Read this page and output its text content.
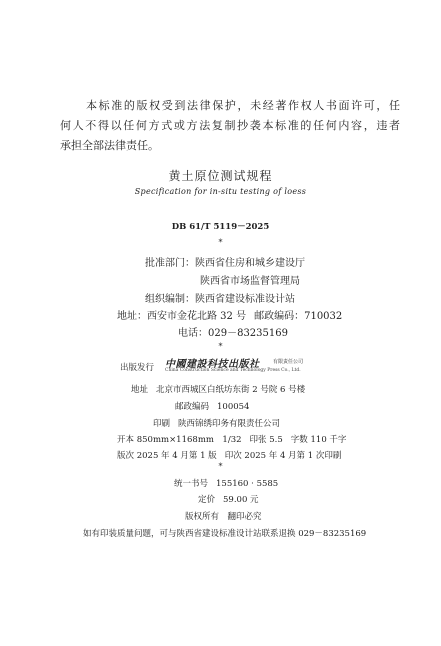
本标准的版权受到法律保护，未经著作权人书面许可，任
何人不得以任何方式或方法复制抄袭本标准的任何内容，违者
承担全部法律责任。
黄土原位测试规程
Specification for in-situ testing of loess
DB 61/T 5119－2025
*
批准部门：陕西省住房和城乡建设厅
陕西省市场监督管理局
组织编制：陕西省建设标准设计站
地址：西安市金花北路 32 号 邮政编码：710032
电话：029－83235169
*
出版发行 中國建設科技出版社	有限责任公司
China Construction Science and Technology Press Co., Ltd.
地址 北京市西城区白纸坊东街 2 号院 6 号楼
邮政编码 100054
印刷 陕西锦绣印务有限责任公司
开本 850mm×1168mm　1/32 印张 5.5 字数 110 千字
版次 2025 年 4 月第 1 版 印次 2025 年 4 月第 1 次印刷
*
统一书号 155160 · 5585
定价 59.00 元
版权所有　翻印必究
如有印装质量问题，可与陕西省建设标准设计站联系退换 029－83235169
